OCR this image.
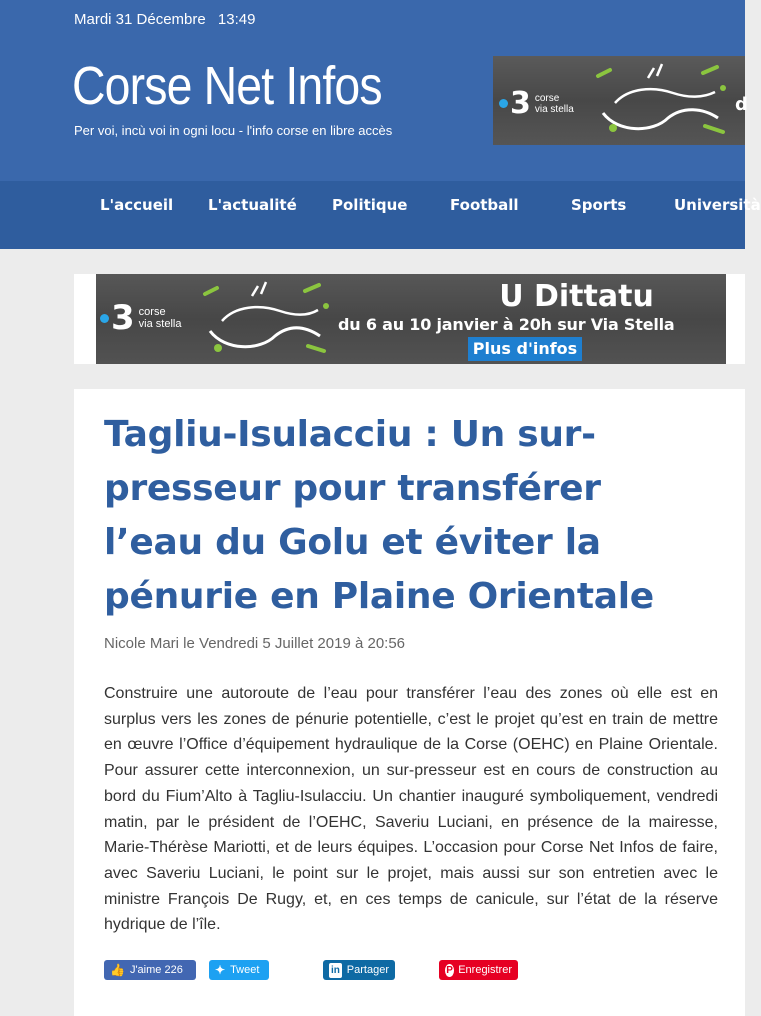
Mardi 31 Décembre 13:49
Corse Net Infos
Per voi, incù voi in ogni locu - l'info corse en libre accès
3 corse
via stella	d
L'accueil L'actualité Politique	Football	Sports	Università
3 corse
via stella
U Dittatu
du 6 au 10 janvier à 20h sur Via Stella
Plus d'infos
Tagliu-Isulacciu : Un sur-presseur pour transférer l’eau du Golu et éviter la pénurie en Plaine Orientale
Nicole Mari le Vendredi 5 Juillet 2019 à 20:56

Construire une autoroute de l’eau pour transférer l’eau des zones où elle est en surplus vers les zones de pénurie potentielle, c’est le projet qu’est en train de mettre en œuvre l’Office d’équipement hydraulique de la Corse (OEHC) en Plaine Orientale. Pour assurer cette interconnexion, un sur-presseur est en cours de construction au bord du Fium’Alto à Tagliu-Isulacciu. Un chantier inauguré symboliquement, vendredi matin, par le président de l’OEHC, Saveriu Luciani, en présence de la mairesse, Marie-Thérèse Mariotti, et de leurs équipes. L’occasion pour Corse Net Infos de faire, avec Saveriu Luciani, le point sur le projet, mais aussi sur son entretien avec le ministre François De Rugy, et, en ces temps de canicule, sur l’état de la réserve hydrique de l’île.

👍 J'aime
226	✦ Tweet	in Partager	P Enregistrer
